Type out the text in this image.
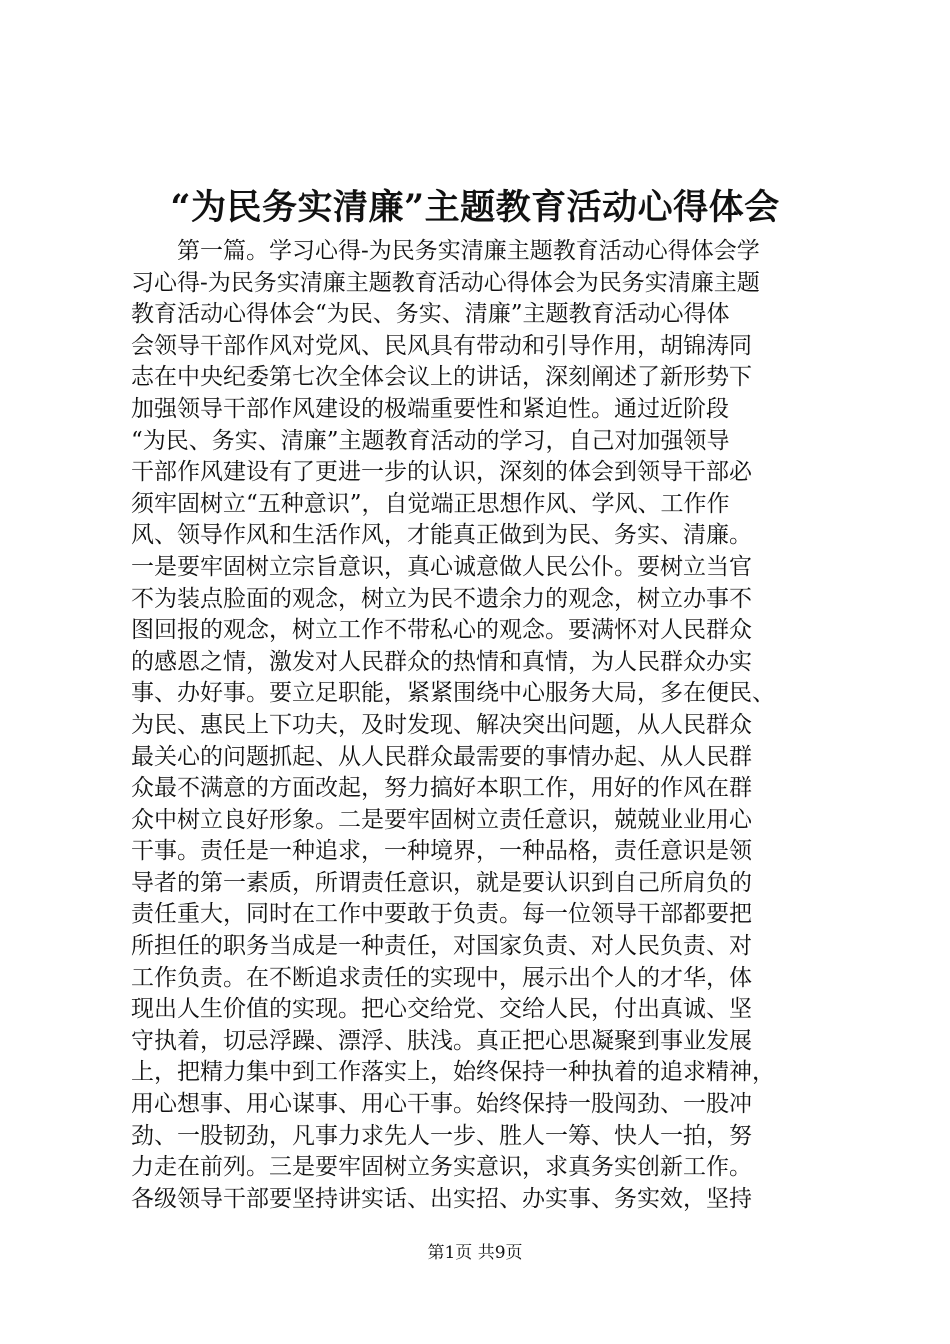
“为民务实清廉”主题教育活动心得体会
第一篇。学习心得-为民务实清廉主题教育活动心得体会学
习心得-为民务实清廉主题教育活动心得体会为民务实清廉主题
教育活动心得体会“为民、务实、清廉”主题教育活动心得体
会领导干部作风对党风、民风具有带动和引导作用，胡锦涛同
志在中央纪委第七次全体会议上的讲话，深刻阐述了新形势下
加强领导干部作风建设的极端重要性和紧迫性。通过近阶段
“为民、务实、清廉”主题教育活动的学习，自己对加强领导
干部作风建设有了更进一步的认识，深刻的体会到领导干部必
须牢固树立“五种意识”，自觉端正思想作风、学风、工作作
风、领导作风和生活作风，才能真正做到为民、务实、清廉。
一是要牢固树立宗旨意识，真心诚意做人民公仆。要树立当官
不为装点脸面的观念，树立为民不遗余力的观念，树立办事不
图回报的观念，树立工作不带私心的观念。要满怀对人民群众
的感恩之情，激发对人民群众的热情和真情，为人民群众办实
事、办好事。要立足职能，紧紧围绕中心服务大局，多在便民、
为民、惠民上下功夫，及时发现、解决突出问题，从人民群众
最关心的问题抓起、从人民群众最需要的事情办起、从人民群
众最不满意的方面改起，努力搞好本职工作，用好的作风在群
众中树立良好形象。二是要牢固树立责任意识，兢兢业业用心
干事。责任是一种追求，一种境界，一种品格，责任意识是领
导者的第一素质，所谓责任意识，就是要认识到自己所肩负的
责任重大，同时在工作中要敢于负责。每一位领导干部都要把
所担任的职务当成是一种责任，对国家负责、对人民负责、对
工作负责。在不断追求责任的实现中，展示出个人的才华，体
现出人生价值的实现。把心交给党、交给人民，付出真诚、坚
守执着，切忌浮躁、漂浮、肤浅。真正把心思凝聚到事业发展
上，把精力集中到工作落实上，始终保持一种执着的追求精神，
用心想事、用心谋事、用心干事。始终保持一股闯劲、一股冲
劲、一股韧劲，凡事力求先人一步、胜人一筹、快人一拍，努
力走在前列。三是要牢固树立务实意识，求真务实创新工作。
各级领导干部要坚持讲实话、出实招、办实事、务实效，坚持
第1页 共9页
